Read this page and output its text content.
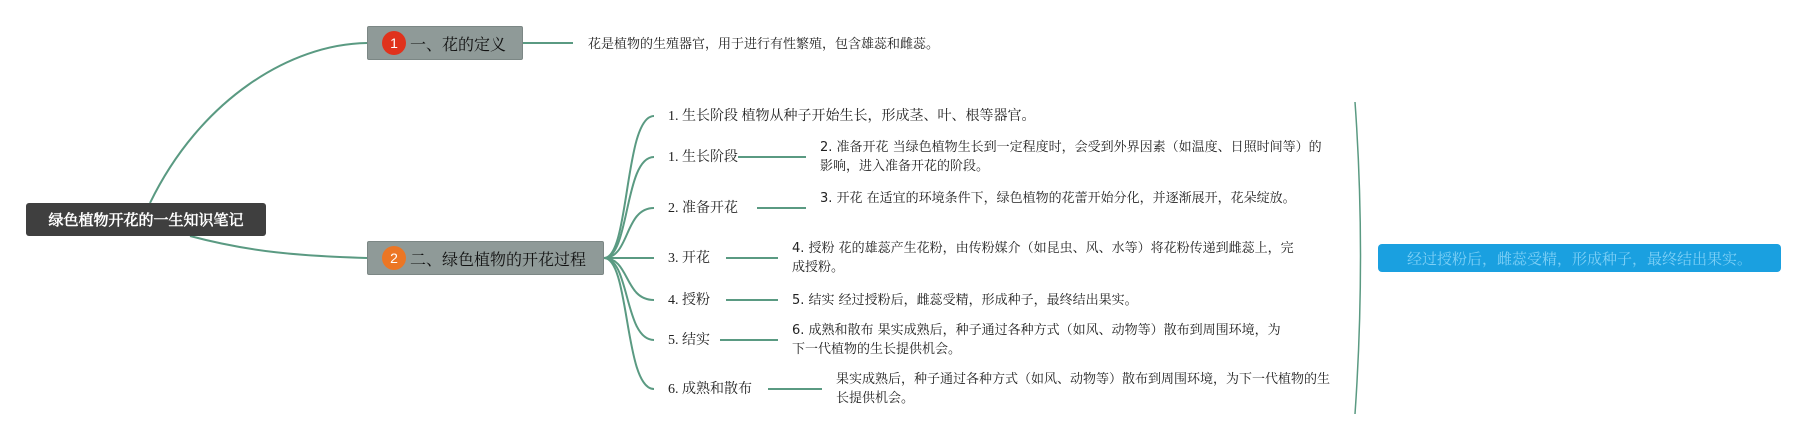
绿色植物开花的一生知识笔记
1 一、花的定义	花是植物的生殖器官，用于进行有性繁殖，包含雄蕊和雌蕊。
2 二、绿色植物的开花过程
1. 生长阶段 植物从种子开始生长，形成茎、叶、根等器官。
1. 生长阶段
2. 准备开花 当绿色植物生长到一定程度时，会受到外界因素（如温度、日照时间等）的影响，进入准备开花的阶段。
2. 准备开花
3. 开花 在适宜的环境条件下，绿色植物的花蕾开始分化，并逐渐展开，花朵绽放。
3. 开花
4. 授粉 花的雄蕊产生花粉，由传粉媒介（如昆虫、风、水等）将花粉传递到雌蕊上，完成授粉。
4. 授粉	5. 结实 经过授粉后，雌蕊受精，形成种子，最终结出果实。
5. 结实
6. 成熟和散布 果实成熟后，种子通过各种方式（如风、动物等）散布到周围环境，为下一代植物的生长提供机会。
6. 成熟和散布
果实成熟后，种子通过各种方式（如风、动物等）散布到周围环境，为下一代植物的生长提供机会。
经过授粉后，雌蕊受精，形成种子，最终结出果实。
